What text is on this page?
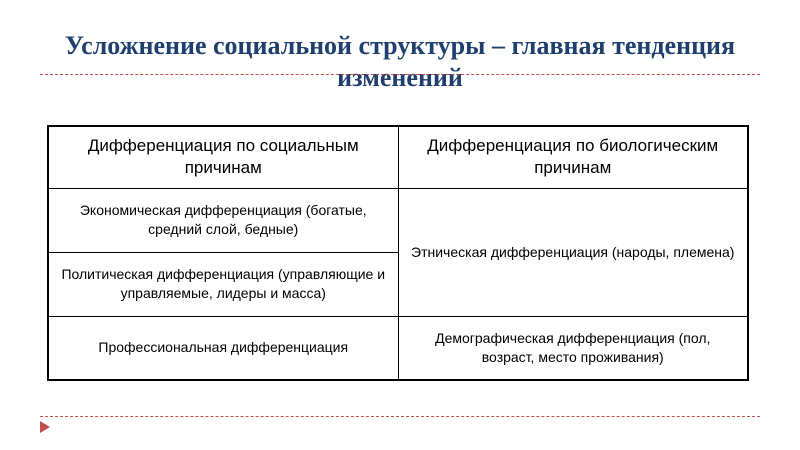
Усложнение социальной структуры – главная тенденция изменений
Дифференциация по социальным причинам	Дифференциация по биологическим причинам
Экономическая дифференциация (богатые, средний слой, бедные)	Этническая дифференциация (народы, племена)
Политическая дифференциация (управляющие и управляемые, лидеры и масса)	
Профессиональная дифференциация	Демографическая дифференциация (пол, возраст, место проживания)
